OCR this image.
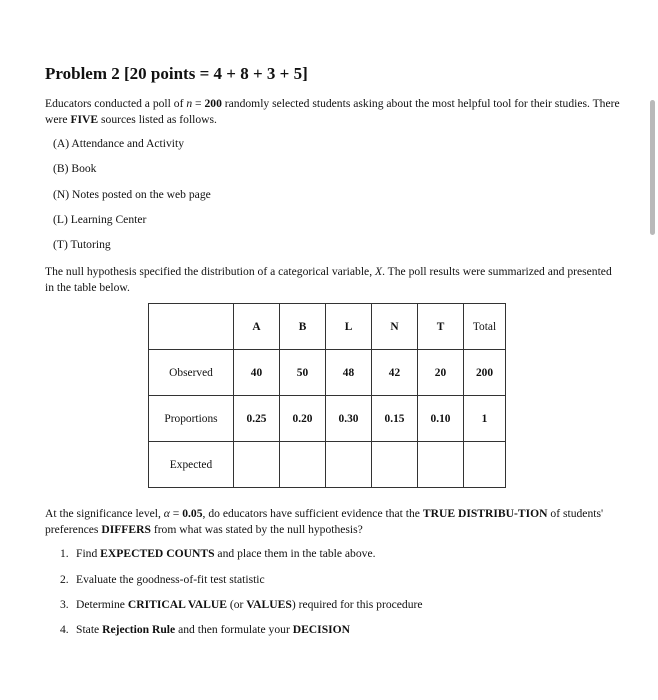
Problem 2 [20 points = 4 + 8 + 3 + 5]
Educators conducted a poll of n = 200 randomly selected students asking about the most helpful tool for their studies. There were FIVE sources listed as follows.
(A) Attendance and Activity
(B) Book
(N) Notes posted on the web page
(L) Learning Center
(T) Tutoring
The null hypothesis specified the distribution of a categorical variable, X. The poll results were summarized and presented in the table below.
	A	B	L	N	T	Total
Observed	40	50	48	42	20	200
Proportions	0.25	0.20	0.30	0.15	0.10	1
Expected						
At the significance level, α = 0.05, do educators have sufficient evidence that the TRUE DISTRIBU-TION of students' preferences DIFFERS from what was stated by the null hypothesis?
1. Find EXPECTED COUNTS and place them in the table above.
2. Evaluate the goodness-of-fit test statistic
3. Determine CRITICAL VALUE (or VALUES) required for this procedure
4. State Rejection Rule and then formulate your DECISION
